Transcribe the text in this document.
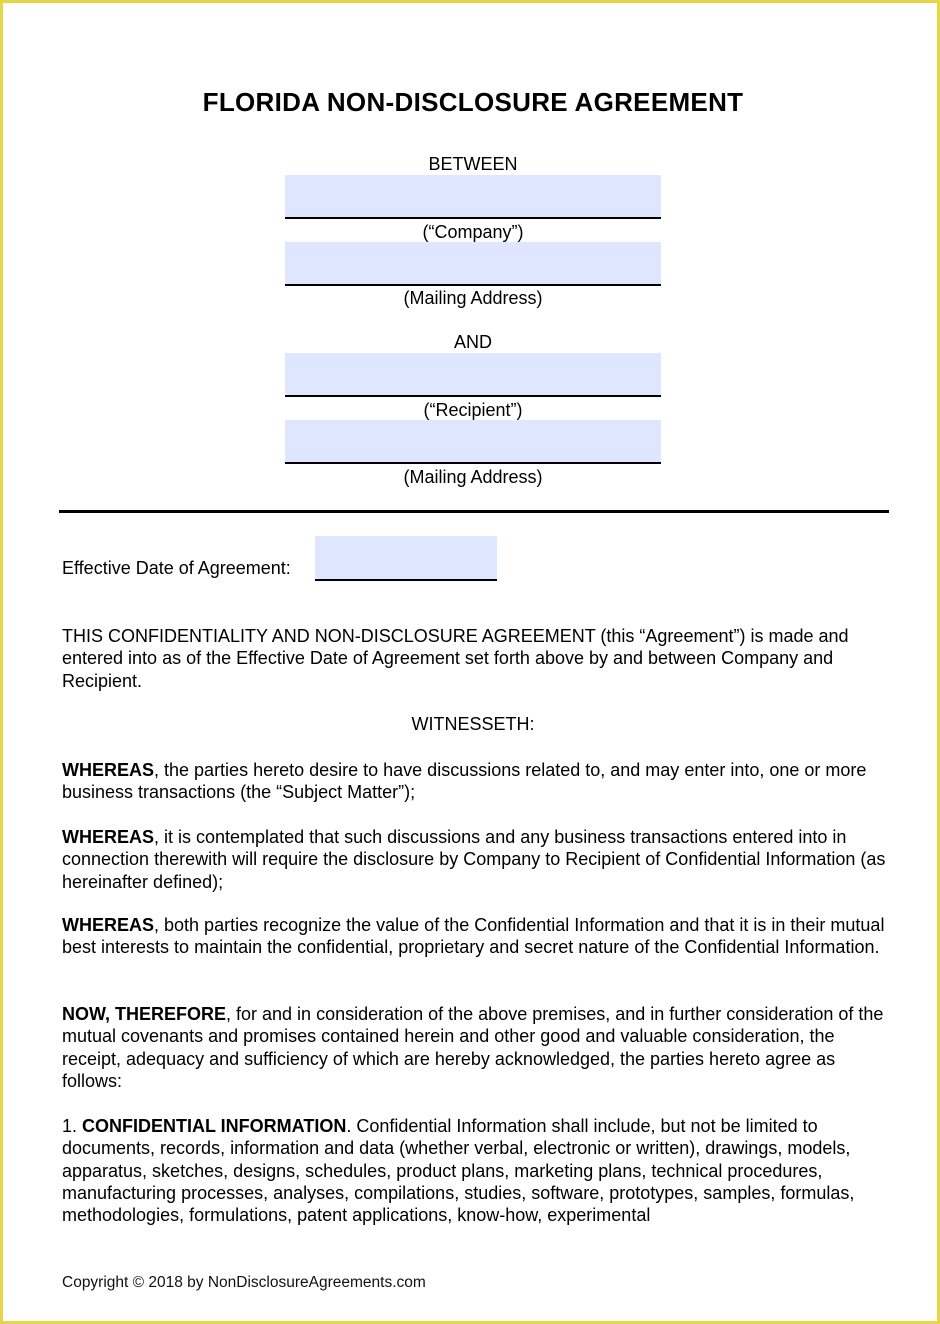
FLORIDA NON-DISCLOSURE AGREEMENT
BETWEEN
(“Company”)
(Mailing Address)
AND
(“Recipient”)
(Mailing Address)
Effective Date of Agreement:

THIS CONFIDENTIALITY AND NON-DISCLOSURE AGREEMENT (this “Agreement”) is made and entered into as of the Effective Date of Agreement set forth above by and between Company and Recipient.

WITNESSETH:

WHEREAS, the parties hereto desire to have discussions related to, and may enter into, one or more business transactions (the “Subject Matter”);

WHEREAS, it is contemplated that such discussions and any business transactions entered into in connection therewith will require the disclosure by Company to Recipient of Confidential Information (as hereinafter defined);

WHEREAS, both parties recognize the value of the Confidential Information and that it is in their mutual best interests to maintain the confidential, proprietary and secret nature of the Confidential Information.

NOW, THEREFORE, for and in consideration of the above premises, and in further consideration of the mutual covenants and promises contained herein and other good and valuable consideration, the receipt, adequacy and sufficiency of which are hereby acknowledged, the parties hereto agree as follows:

1. CONFIDENTIAL INFORMATION. Confidential Information shall include, but not be limited to documents, records, information and data (whether verbal, electronic or written), drawings, models, apparatus, sketches, designs, schedules, product plans, marketing plans, technical procedures, manufacturing processes, analyses, compilations, studies, software, prototypes, samples, formulas, methodologies, formulations, patent applications, know-how, experimental

Copyright © 2018 by NonDisclosureAgreements.com
